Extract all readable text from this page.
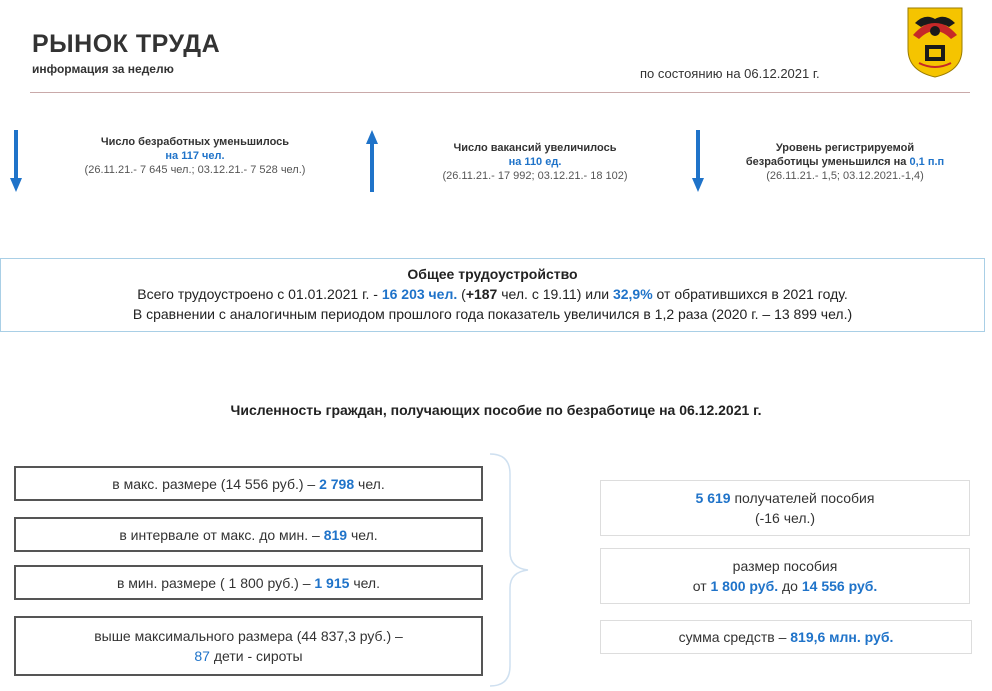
РЫНОК ТРУДА
информация за неделю	по состоянию на 06.12.2021 г.
Число безработных уменьшилось
на 117 чел.
(26.11.21.- 7 645 чел.; 03.12.21.- 7 528 чел.)
Число вакансий увеличилось
на 110 ед.
(26.11.21.- 17 992; 03.12.21.- 18 102)
Уровень регистрируемой
безработицы уменьшился на 0,1 п.п
(26.11.21.- 1,5; 03.12.2021.-1,4)
Общее трудоустройство
Всего трудоустроено с 01.01.2021 г. - 16 203 чел. (+187 чел. с 19.11) или 32,9% от обратившихся в 2021 году.
В сравнении с аналогичным периодом прошлого года показатель увеличился в 1,2 раза (2020 г. – 13 899 чел.)
Численность граждан, получающих пособие по безработице на 06.12.2021 г.
в макс. размере (14 556 руб.) –
2 798
чел.
в интервале от макс. до мин. –
819
чел.
в мин. размере ( 1 800 руб.) –
1 915
чел.
выше максимального размера (44 837,3 руб.) –
87 дети - сироты
5 619 получателей пособия
(-16 чел.)
размер пособия
от 1 800 руб. до 14 556 руб.
сумма средств – 819,6 млн. руб.
